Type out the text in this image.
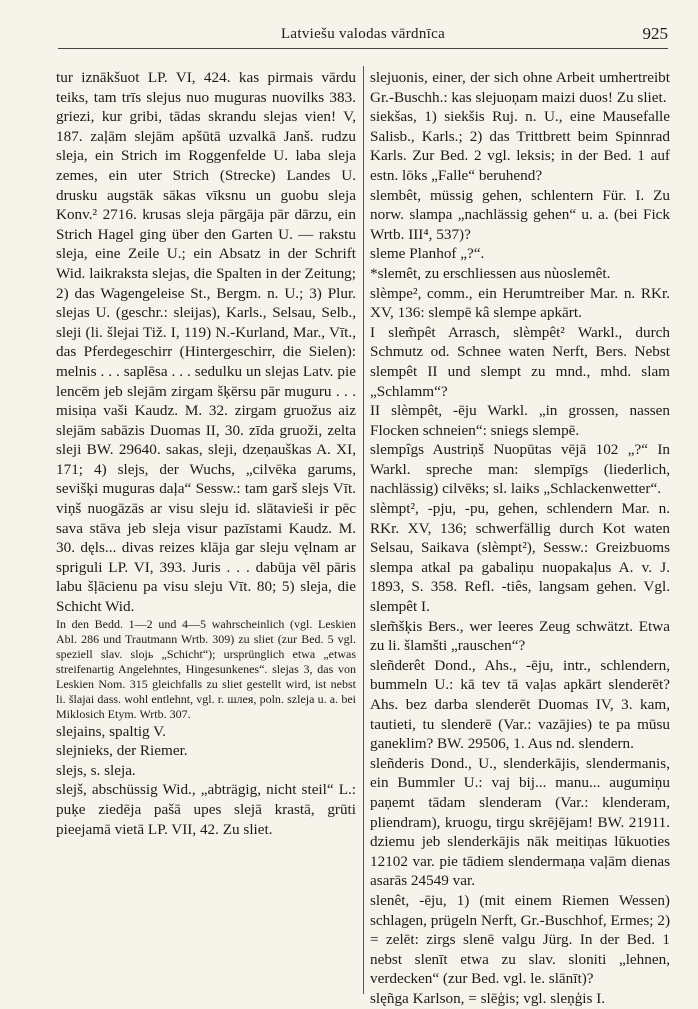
Latviešu valodas vārdnīca	925

tur iznākšuot LP. VI, 424. kas pirmais vārdu teiks, tam trīs slejus nuo muguras nuovilks 383. griezi, kur gribi, tādas skrandu slejas vien! V, 187. zaļām slejām apšūtā uzvalkā Janš. rudzu sleja, ein Strich im Roggenfelde U. laba sleja zemes, ein uter Strich (Strecke) Landes U. drusku augstāk sākas vīksnu un guobu sleja Konv.² 2716. krusas sleja pārgāja pār dārzu, ein Strich Hagel ging über den Garten U. — rakstu sleja, eine Zeile U.; ein Absatz in der Schrift Wid. laikraksta slejas, die Spalten in der Zeitung; 2) das Wagengeleise St., Bergm. n. U.; 3) Plur. slejas U. (geschr.: sleijas), Karls., Selsau, Selb., sleji (li. šlejai Tiž. I, 119) N.-Kurland, Mar., Vīt., das Pferdegeschirr (Hintergeschirr, die Sielen): melnis . . . saplēsa . . . sedulku un slejas Latv. pie lencēm jeb slejām zirgam šķērsu pār muguru . . . misiņa vaši Kaudz. M. 32. zirgam gruožus aiz slejām sabāzis Duomas II, 30. zīda gruoži, zelta sleji BW. 29640. sakas, sleji, dzeņauškas A. XI, 171; 4) slejs, der Wuchs, „cilvēka garums, sevišķi muguras daļa“ Sessw.: tam garš slejs Vīt. viņš nuogāzās ar visu sleju id. slātavieši ir pēc sava stāva jeb sleja visur pazīstami Kaudz. M. 30. dęls... divas reizes klāja gar sleju vęlnam ar spriguli LP. VI, 393. Juris . . . dabūja vēl pāris labu šļācienu pa visu sleju Vīt. 80; 5) sleja, die Schicht Wid.

In den Bedd. 1—2 und 4—5 wahrscheinlich (vgl. Leskien Abl. 286 und Trautmann Wrtb. 309) zu sliet (zur Bed. 5 vgl. speziell slav. slojь „Schicht“); ursprünglich etwa „etwas streifenartig Angelehntes, Hingesunkenes“. slejas 3, das von Leskien Nom. 315 gleichfalls zu sliet gestellt wird, ist nebst li. šlajai dass. wohl entlehnt, vgl. r. шлея, poln. szleja u. a. bei Miklosich Etym. Wrtb. 307.

slejains, spaltig V.

slejnieks, der Riemer.

slejs, s. sleja.

slejš, abschüssig Wid., „abträgig, nicht steil“ L.: puķe ziedēja pašā upes slejā krastā, grūti pieejamā vietā LP. VII, 42. Zu sliet.

slejuonis, einer, der sich ohne Arbeit umhertreibt Gr.-Buschh.: kas slejuoņam maizi duos! Zu sliet.

siekšas, 1) siekšis Ruj. n. U., eine Mausefalle Salisb., Karls.; 2) das Trittbrett beim Spinnrad Karls. Zur Bed. 2 vgl. leksis; in der Bed. 1 auf estn. lōks „Falle“ beruhend?

slembêt, müssig gehen, schlentern Für. I. Zu norw. slampa „nachlässig gehen“ u. a. (bei Fick Wrtb. III⁴, 537)?

sleme Planhof „?“.

*slemêt, zu erschliessen aus nùoslemêt.

slèmpe², comm., ein Herumtreiber Mar. n. RKr. XV, 136: slempē kâ slempe apkārt.

I slem̃pêt Arrasch, slèmpêt² Warkl., durch Schmutz od. Schnee waten Nerft, Bers. Nebst slempêt II und slempt zu mnd., mhd. slam „Schlamm“?

II slèmpêt, -ēju Warkl. „in grossen, nassen Flocken schneien“: sniegs slempē.

slempîgs Austriņš Nuopūtas vējā 102 „?“ In Warkl. spreche man: slempīgs (liederlich, nachlässig) cilvēks; sl. laiks „Schlackenwetter“.

slèmpt², -pju, -pu, gehen, schlendern Mar. n. RKr. XV, 136; schwerfällig durch Kot waten Selsau, Saikava (slèmpt²), Sessw.: Greizbuoms slempa atkal pa gabaliņu nuopakaļus A. v. J. 1893, S. 358. Refl. -tiês, langsam gehen. Vgl. slempêt I.

slem̃šķis Bers., wer leeres Zeug schwätzt. Etwa zu li. šlamšti „rauschen“?

sleñderêt Dond., Ahs., -ēju, intr., schlendern, bummeln U.: kā tev tā vaļas apkārt slenderēt? Ahs. bez darba slenderēt Duomas IV, 3. kam, tautieti, tu slenderē (Var.: vazājies) te pa mūsu ganeklim? BW. 29506, 1. Aus nd. slendern.

sleñderis Dond., U., slenderkājis, slendermanis, ein Bummler U.: vaj bij... manu... augumiņu paņemt tādam slenderam (Var.: klenderam, pliendram), kruogu, tirgu skrējējam! BW. 21911. dziemu jeb slenderkājis nāk meitiņas lūkuoties 12102 var. pie tādiem slendermaņa vaļām dienas asarās 24549 var.

slenêt, -ēju, 1) (mit einem Riemen Wessen) schlagen, prügeln Nerft, Gr.-Buschhof, Ermes; 2) = zelēt: zirgs slenē valgu Jürg. In der Bed. 1 nebst slenīt etwa zu slav. sloniti „lehnen, verdecken“ (zur Bed. vgl. le. slānīt)?

slęñga Karlson, = slēģis; vgl. sleņģis I.
